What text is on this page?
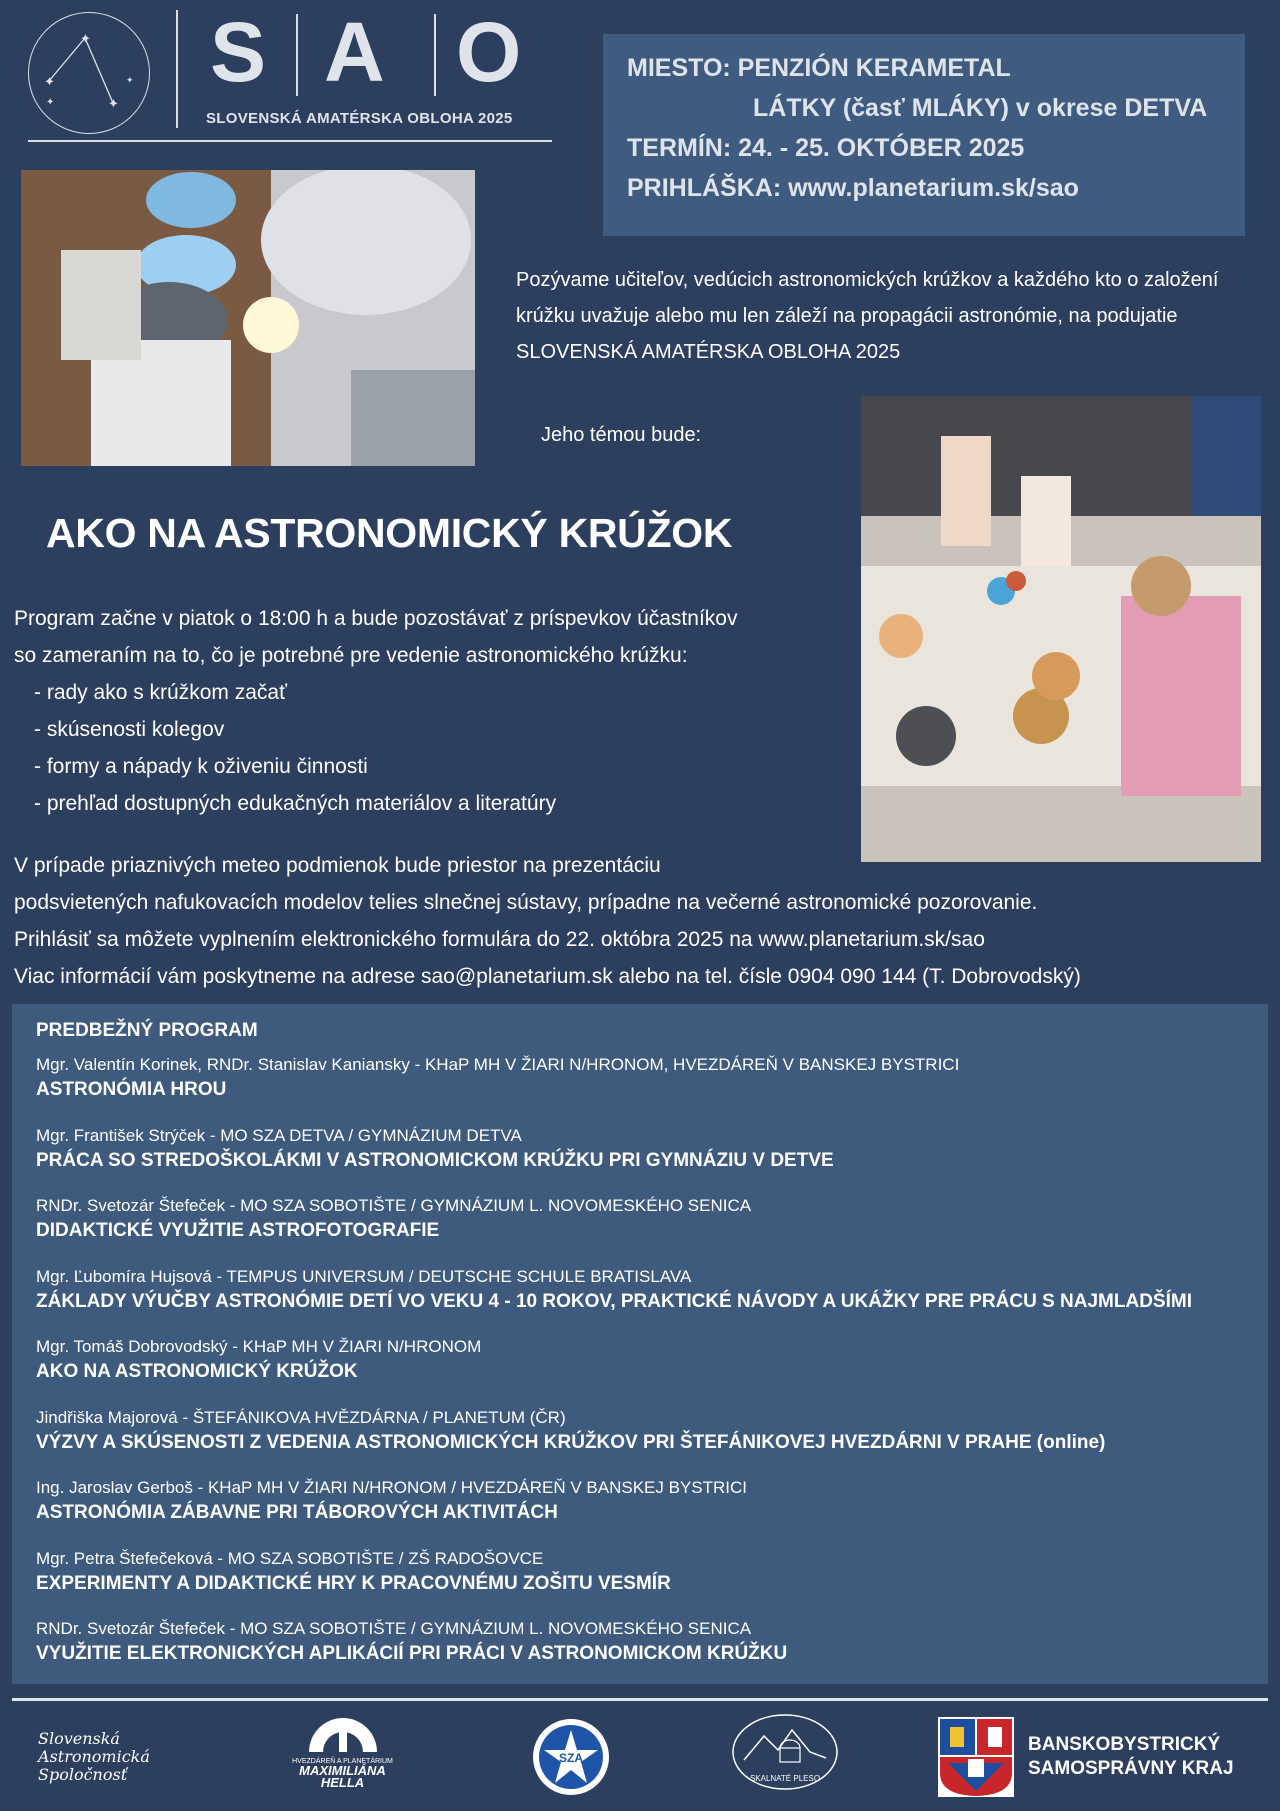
✦
✦
✦
✦
✦ S A O
SLOVENSKÁ AMATÉRSKA OBLOHA 2025
MIESTO: PENZIÓN KERAMETAL
LÁTKY (časť MLÁKY) v okrese DETVA
TERMÍN: 24. - 25. OKTÓBER 2025
PRIHLÁŠKA: www.planetarium.sk/sao
Pozývame učiteľov, vedúcich astronomických krúžkov a každého kto o založení krúžku uvažuje alebo mu len záleží na propagácii astronómie, na podujatie SLOVENSKÁ AMATÉRSKA OBLOHA 2025
Jeho témou bude:
AKO NA ASTRONOMICKÝ KRÚŽOK
Program začne v piatok o 18:00 h a bude pozostávať z príspevkov účastníkov
so zameraním na to, čo je potrebné pre vedenie astronomického krúžku:
- rady ako s krúžkom začať
- skúsenosti kolegov
- formy a nápady k oživeniu činnosti
- prehľad dostupných edukačných materiálov a literatúry
V prípade priaznivých meteo podmienok bude priestor na prezentáciu
podsvietených nafukovacích modelov telies slnečnej sústavy, prípadne na večerné astronomické pozorovanie.
Prihlásiť sa môžete vyplnením elektronického formulára do 22. októbra 2025 na www.planetarium.sk/sao
Viac informácií vám poskytneme na adrese sao@planetarium.sk alebo na tel. čísle 0904 090 144 (T. Dobrovodský)
PREDBEŽNÝ PROGRAM
Mgr. Valentín Korinek, RNDr. Stanislav Kaniansky - KHaP MH V ŽIARI N/HRONOM, HVEZDÁREŇ V BANSKEJ BYSTRICI
ASTRONÓMIA HROU
Mgr. František Strýček - MO SZA DETVA / GYMNÁZIUM DETVA
PRÁCA SO STREDOŠKOLÁKMI V ASTRONOMICKOM KRÚŽKU PRI GYMNÁZIU V DETVE
RNDr. Svetozár Štefeček - MO SZA SOBOTIŠTE / GYMNÁZIUM L. NOVOMESKÉHO SENICA
DIDAKTICKÉ VYUŽITIE ASTROFOTOGRAFIE
Mgr. Ľubomíra Hujsová - TEMPUS UNIVERSUM / DEUTSCHE SCHULE BRATISLAVA
ZÁKLADY VÝUČBY ASTRONÓMIE DETÍ VO VEKU 4 - 10 ROKOV, PRAKTICKÉ NÁVODY A UKÁŽKY PRE PRÁCU S NAJMLADŠÍMI
Mgr. Tomáš Dobrovodský - KHaP MH V ŽIARI N/HRONOM
AKO NA ASTRONOMICKÝ KRÚŽOK
Jindřiška Majorová - ŠTEFÁNIKOVA HVĚZDÁRNA / PLANETUM (ČR)
VÝZVY A SKÚSENOSTI Z VEDENIA ASTRONOMICKÝCH KRÚŽKOV PRI ŠTEFÁNIKOVEJ HVEZDÁRNI V PRAHE (online)
Ing. Jaroslav Gerboš - KHaP MH V ŽIARI N/HRONOM / HVEZDÁREŇ V BANSKEJ BYSTRICI
ASTRONÓMIA ZÁBAVNE PRI TÁBOROVÝCH AKTIVITÁCH
Mgr. Petra Štefečeková - MO SZA SOBOTIŠTE / ZŠ RADOŠOVCE
EXPERIMENTY A DIDAKTICKÉ HRY K PRACOVNÉMU ZOŠITU VESMÍR
RNDr. Svetozár Štefeček - MO SZA SOBOTIŠTE / GYMNÁZIUM L. NOVOMESKÉHO SENICA
VYUŽITIE ELEKTRONICKÝCH APLIKÁCIÍ PRI PRÁCI V ASTRONOMICKOM KRÚŽKU
Slovenská
Astronomická
Spoločnosť
HVEZDÁREŇ A PLANETÁRIUM
MAXIMILIÁNA
HELLA
SZA
SKALNATÉ PLESO
BANSKOBYSTRICKÝ
SAMOSPRÁVNY KRAJ
